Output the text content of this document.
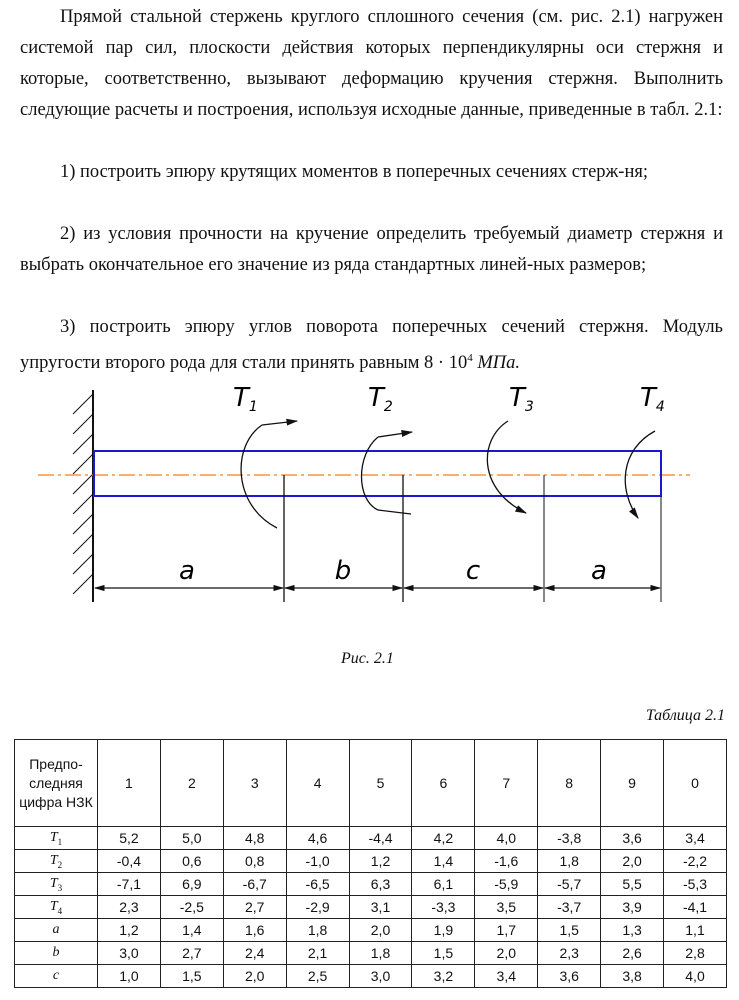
Прямой стальной стержень круглого сплошного сечения (см. рис. 2.1) нагружен системой пар сил, плоскости действия которых перпендикулярны оси стержня и которые, соответственно, вызывают деформацию кручения стержня. Выполнить следующие расчеты и построения, используя исходные данные, приведенные в табл. 2.1:

1) построить эпюру крутящих моментов в поперечных сечениях стерж-ня;

2) из условия прочности на кручение определить требуемый диаметр стержня и выбрать окончательное его значение из ряда стандартных линей-ных размеров;

3) построить эпюру углов поворота поперечных сечений стержня. Модуль упругости второго рода для стали принять равным $8 \cdot 10^4$ МПа.

a	b	c	a
T1	T2	T3	T4
Рис. 2.1
Таблица 2.1
Предпо-следняя цифра НЗК	1	2	3	4	5	6	7	8	9	0
$T_1$	5,2	5,0	4,8	4,6	-4,4	4,2	4,0	-3,8	3,6	3,4
$T_2$	-0,4	0,6	0,8	-1,0	1,2	1,4	-1,6	1,8	2,0	-2,2
$T_3$	-7,1	6,9	-6,7	-6,5	6,3	6,1	-5,9	-5,7	5,5	-5,3
$T_4$	2,3	-2,5	2,7	-2,9	3,1	-3,3	3,5	-3,7	3,9	-4,1
a	1,2	1,4	1,6	1,8	2,0	1,9	1,7	1,5	1,3	1,1
b	3,0	2,7	2,4	2,1	1,8	1,5	2,0	2,3	2,6	2,8
c	1,0	1,5	2,0	2,5	3,0	3,2	3,4	3,6	3,8	4,0
